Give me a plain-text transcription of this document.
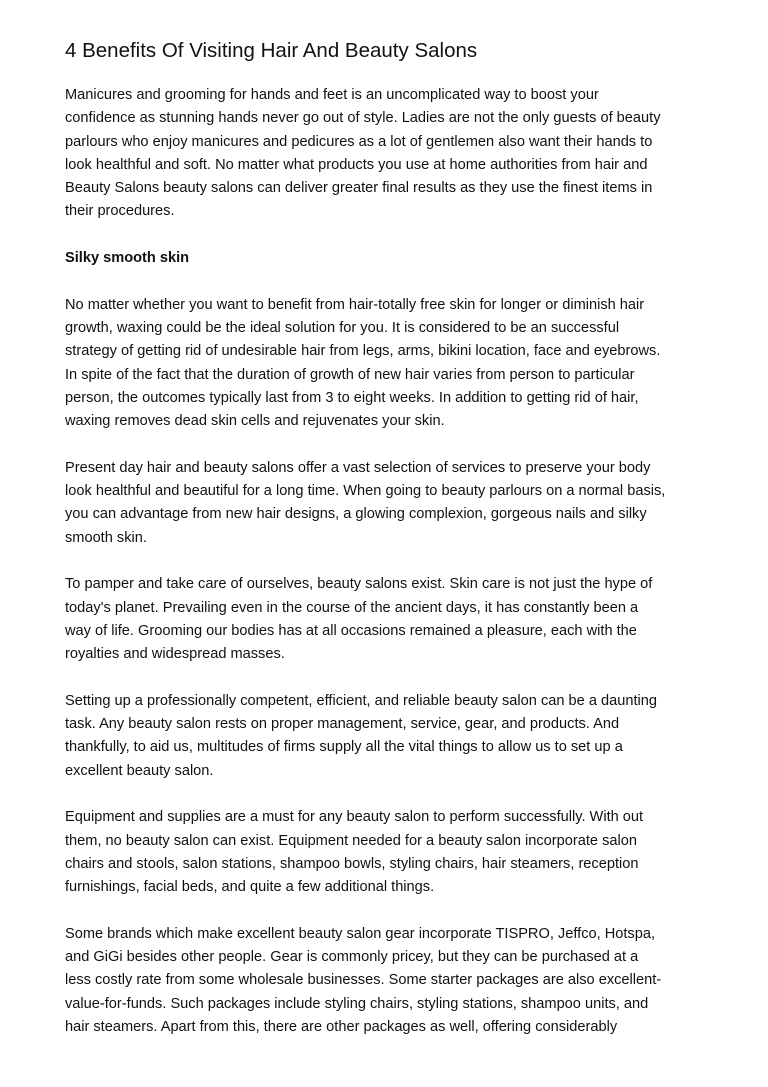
4 Benefits Of Visiting Hair And Beauty Salons

Manicures and grooming for hands and feet is an uncomplicated way to boost your
confidence as stunning hands never go out of style. Ladies are not the only guests of beauty
parlours who enjoy manicures and pedicures as a lot of gentlemen also want their hands to
look healthful and soft. No matter what products you use at home authorities from hair and
Beauty Salons beauty salons can deliver greater final results as they use the finest items in
their procedures.

Silky smooth skin

No matter whether you want to benefit from hair-totally free skin for longer or diminish hair
growth, waxing could be the ideal solution for you. It is considered to be an successful
strategy of getting rid of undesirable hair from legs, arms, bikini location, face and eyebrows.
In spite of the fact that the duration of growth of new hair varies from person to particular
person, the outcomes typically last from 3 to eight weeks. In addition to getting rid of hair,
waxing removes dead skin cells and rejuvenates your skin.

Present day hair and beauty salons offer a vast selection of services to preserve your body
look healthful and beautiful for a long time. When going to beauty parlours on a normal basis,
you can advantage from new hair designs, a glowing complexion, gorgeous nails and silky
smooth skin.

To pamper and take care of ourselves, beauty salons exist. Skin care is not just the hype of
today's planet. Prevailing even in the course of the ancient days, it has constantly been a
way of life. Grooming our bodies has at all occasions remained a pleasure, each with the
royalties and widespread masses.

Setting up a professionally competent, efficient, and reliable beauty salon can be a daunting
task. Any beauty salon rests on proper management, service, gear, and products. And
thankfully, to aid us, multitudes of firms supply all the vital things to allow us to set up a
excellent beauty salon.

Equipment and supplies are a must for any beauty salon to perform successfully. With out
them, no beauty salon can exist. Equipment needed for a beauty salon incorporate salon
chairs and stools, salon stations, shampoo bowls, styling chairs, hair steamers, reception
furnishings, facial beds, and quite a few additional things.

Some brands which make excellent beauty salon gear incorporate TISPRO, Jeffco, Hotspa,
and GiGi besides other people. Gear is commonly pricey, but they can be purchased at a
less costly rate from some wholesale businesses. Some starter packages are also excellent-
value-for-funds. Such packages include styling chairs, styling stations, shampoo units, and
hair steamers. Apart from this, there are other packages as well, offering considerably
